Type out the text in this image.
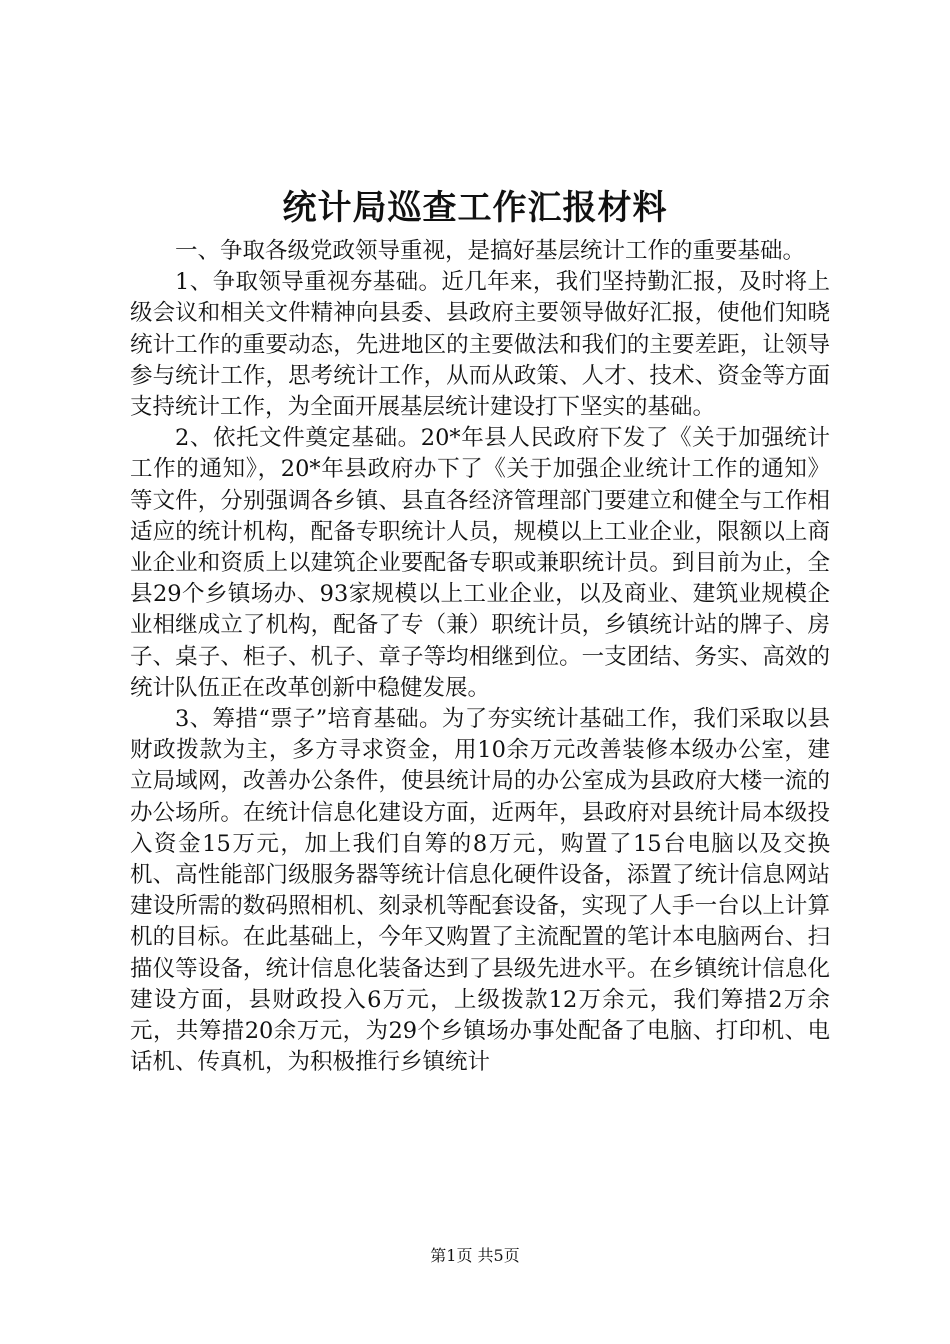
统计局巡查工作汇报材料

一、争取各级党政领导重视，是搞好基层统计工作的重要基础。

1、争取领导重视夯基础。近几年来，我们坚持勤汇报，及时将上级会议和相关文件精神向县委、县政府主要领导做好汇报，使他们知晓统计工作的重要动态，先进地区的主要做法和我们的主要差距，让领导参与统计工作，思考统计工作，从而从政策、人才、技术、资金等方面支持统计工作，为全面开展基层统计建设打下坚实的基础。

2、依托文件奠定基础。20*年县人民政府下发了《关于加强统计工作的通知》，20*年县政府办下了《关于加强企业统计工作的通知》等文件，分别强调各乡镇、县直各经济管理部门要建立和健全与工作相适应的统计机构，配备专职统计人员，规模以上工业企业，限额以上商业企业和资质上以建筑企业要配备专职或兼职统计员。到目前为止，全县29个乡镇场办、93家规模以上工业企业，以及商业、建筑业规模企业相继成立了机构，配备了专（兼）职统计员，乡镇统计站的牌子、房子、桌子、柜子、机子、章子等均相继到位。一支团结、务实、高效的统计队伍正在改革创新中稳健发展。

3、筹措“票子”培育基础。为了夯实统计基础工作，我们采取以县财政拨款为主，多方寻求资金，用10余万元改善装修本级办公室，建立局域网，改善办公条件，使县统计局的办公室成为县政府大楼一流的办公场所。在统计信息化建设方面，近两年，县政府对县统计局本级投入资金15万元，加上我们自筹的8万元，购置了15台电脑以及交换机、高性能部门级服务器等统计信息化硬件设备，添置了统计信息网站建设所需的数码照相机、刻录机等配套设备，实现了人手一台以上计算机的目标。在此基础上，今年又购置了主流配置的笔计本电脑两台、扫描仪等设备，统计信息化装备达到了县级先进水平。在乡镇统计信息化建设方面，县财政投入6万元，上级拨款12万余元，我们筹措2万余元，共筹措20余万元，为29个乡镇场办事处配备了电脑、打印机、电话机、传真机，为积极推行乡镇统计

第1页 共5页
